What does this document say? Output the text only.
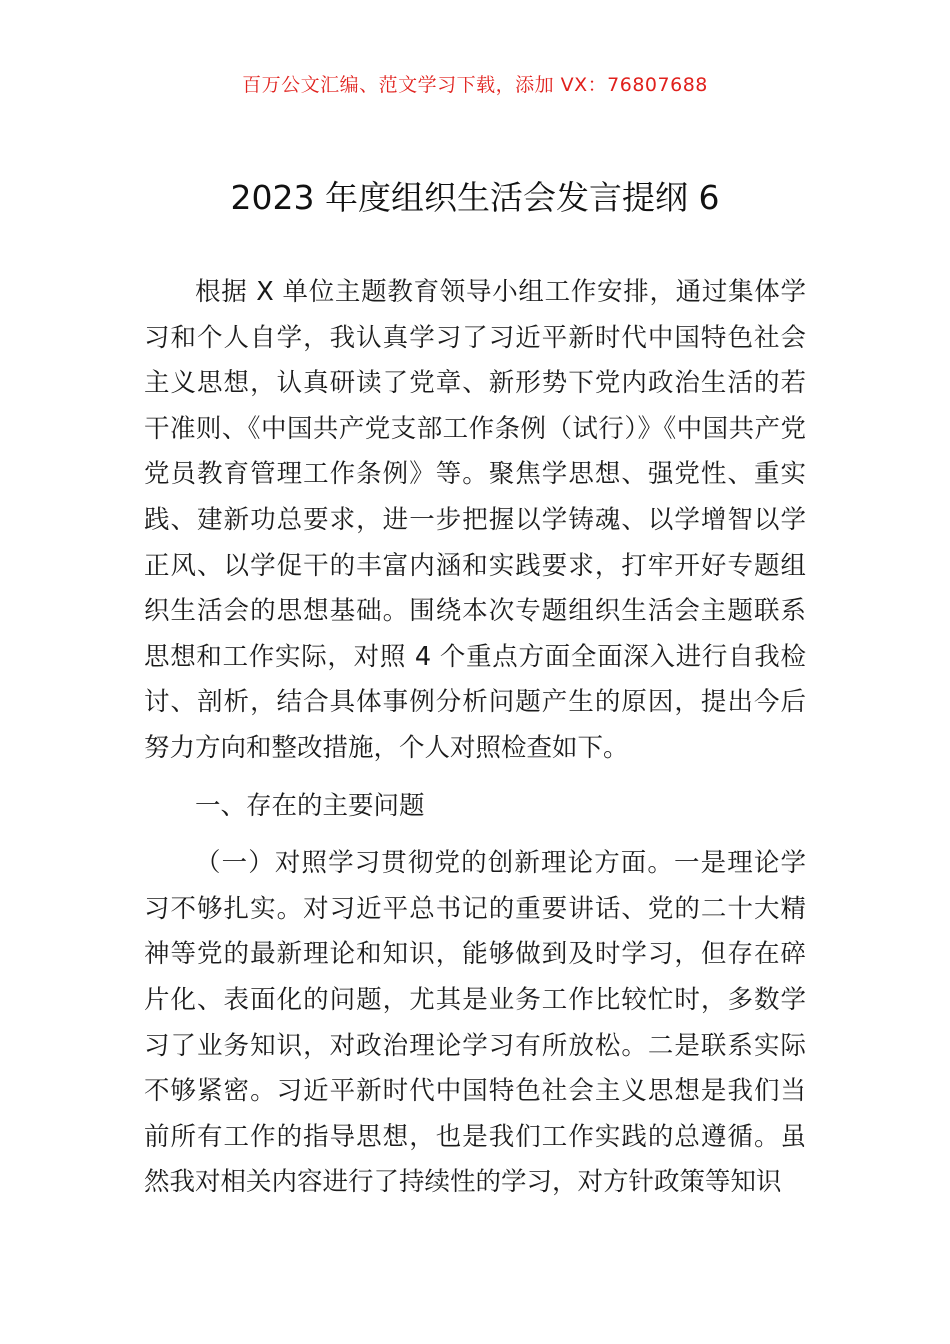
百万公文汇编、范文学习下载，添加 VX：76807688
2023 年度组织生活会发言提纲 6

根据 X 单位主题教育领导小组工作安排，通过集体学习和个人自学，我认真学习了习近平新时代中国特色社会主义思想，认真研读了党章、新形势下党内政治生活的若干准则、《中国共产党支部工作条例（试行）》《中国共产党党员教育管理工作条例》等。聚焦学思想、强党性、重实践、建新功总要求，进一步把握以学铸魂、以学增智以学正风、以学促干的丰富内涵和实践要求，打牢开好专题组织生活会的思想基础。围绕本次专题组织生活会主题联系思想和工作实际，对照 4 个重点方面全面深入进行自我检讨、剖析，结合具体事例分析问题产生的原因，提出今后努力方向和整改措施，个人对照检查如下。

一、存在的主要问题

（一）对照学习贯彻党的创新理论方面。一是理论学习不够扎实。对习近平总书记的重要讲话、党的二十大精神等党的最新理论和知识，能够做到及时学习，但存在碎片化、表面化的问题，尤其是业务工作比较忙时，多数学习了业务知识，对政治理论学习有所放松。二是联系实际不够紧密。习近平新时代中国特色社会主义思想是我们当前所有工作的指导思想，也是我们工作实践的总遵循。虽然我对相关内容进行了持续性的学习，对方针政策等知识
